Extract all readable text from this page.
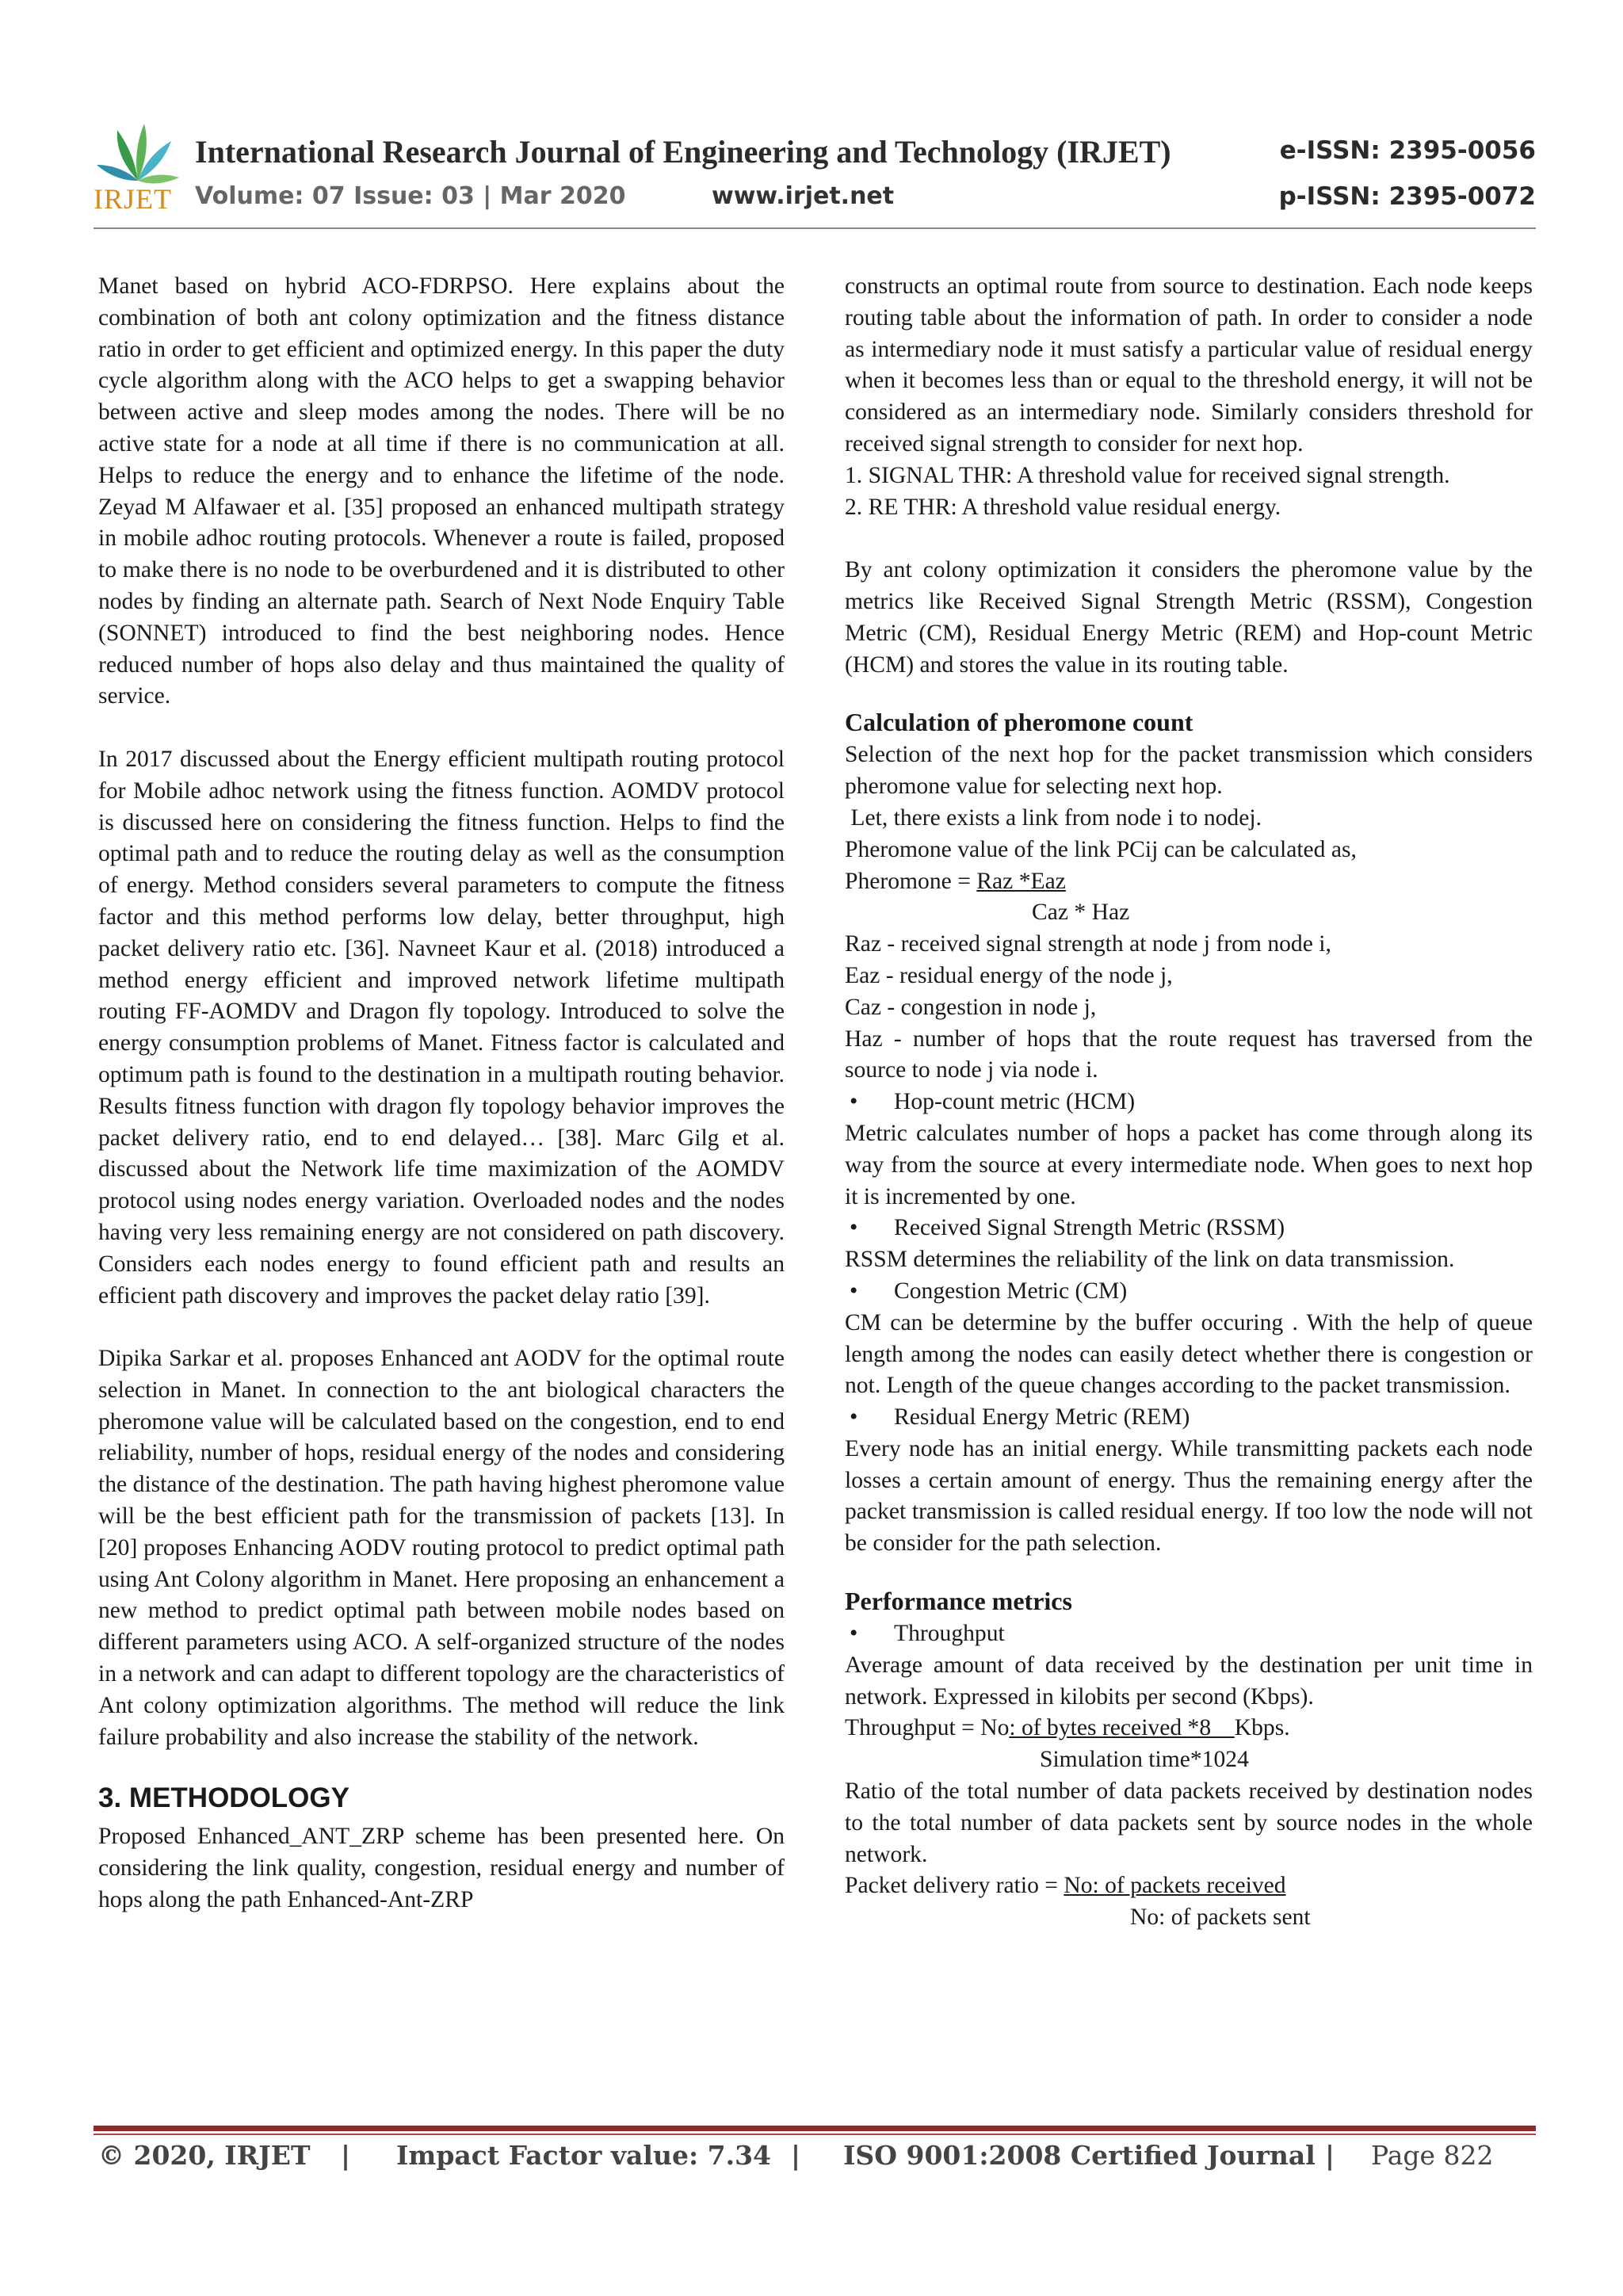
IRJET
International Research Journal of Engineering and Technology (IRJET)
Volume: 07 Issue: 03 | Mar 2020	www.irjet.net
e-ISSN: 2395-0056
p-ISSN: 2395-0072

Manet based on hybrid ACO-FDRPSO. Here explains about the combination of both ant colony optimization and the fitness distance ratio in order to get efficient and optimized energy. In this paper the duty cycle algorithm along with the ACO helps to get a swapping behavior between active and sleep modes among the nodes. There will be no active state for a node at all time if there is no communication at all. Helps to reduce the energy and to enhance the lifetime of the node. Zeyad M Alfawaer et al. [35] proposed an enhanced multipath strategy in mobile adhoc routing protocols. Whenever a route is failed, proposed to make there is no node to be overburdened and it is distributed to other nodes by finding an alternate path. Search of Next Node Enquiry Table (SONNET) introduced to find the best neighboring nodes. Hence reduced number of hops also delay and thus maintained the quality of service.

In 2017 discussed about the Energy efficient multipath routing protocol for Mobile adhoc network using the fitness function. AOMDV protocol is discussed here on considering the fitness function. Helps to find the optimal path and to reduce the routing delay as well as the consumption of energy. Method considers several parameters to compute the fitness factor and this method performs low delay, better throughput, high packet delivery ratio etc. [36]. Navneet Kaur et al. (2018) introduced a method energy efficient and improved network lifetime multipath routing FF-AOMDV and Dragon fly topology. Introduced to solve the energy consumption problems of Manet. Fitness factor is calculated and optimum path is found to the destination in a multipath routing behavior. Results fitness function with dragon fly topology behavior improves the packet delivery ratio, end to end delayed… [38]. Marc Gilg et al. discussed about the Network life time maximization of the AOMDV protocol using nodes energy variation. Overloaded nodes and the nodes having very less remaining energy are not considered on path discovery. Considers each nodes energy to found efficient path and results an efficient path discovery and improves the packet delay ratio [39].

Dipika Sarkar et al. proposes Enhanced ant AODV for the optimal route selection in Manet. In connection to the ant biological characters the pheromone value will be calculated based on the congestion, end to end reliability, number of hops, residual energy of the nodes and considering the distance of the destination. The path having highest pheromone value will be the best efficient path for the transmission of packets [13]. In [20] proposes Enhancing AODV routing protocol to predict optimal path using Ant Colony algorithm in Manet. Here proposing an enhancement a new method to predict optimal path between mobile nodes based on different parameters using ACO. A self-organized structure of the nodes in a network and can adapt to different topology are the characteristics of Ant colony optimization algorithms. The method will reduce the link failure probability and also increase the stability of the network.

3. METHODOLOGY

Proposed Enhanced_ANT_ZRP scheme has been presented here. On considering the link quality, congestion, residual energy and number of hops along the path Enhanced-Ant-ZRP

constructs an optimal route from source to destination. Each node keeps routing table about the information of path. In order to consider a node as intermediary node it must satisfy a particular value of residual energy when it becomes less than or equal to the threshold energy, it will not be considered as an intermediary node. Similarly considers threshold for received signal strength to consider for next hop.

1. SIGNAL THR: A threshold value for received signal strength.

2. RE THR: A threshold value residual energy.

By ant colony optimization it considers the pheromone value by the metrics like Received Signal Strength Metric (RSSM), Congestion Metric (CM), Residual Energy Metric (REM) and Hop-count Metric (HCM) and stores the value in its routing table.

Calculation of pheromone count

Selection of the next hop for the packet transmission which considers pheromone value for selecting next hop.

Let, there exists a link from node i to nodej.

Pheromone value of the link PCij can be calculated as,

Pheromone = Raz *Eaz

Caz * Haz

Raz - received signal strength at node j from node i,

Eaz - residual energy of the node j,

Caz - congestion in node j,

Haz - number of hops that the route request has traversed from the source to node j via node i.

• Hop-count metric (HCM)

Metric calculates number of hops a packet has come through along its way from the source at every intermediate node. When goes to next hop it is incremented by one.

• Received Signal Strength Metric (RSSM)

RSSM determines the reliability of the link on data transmission.

• Congestion Metric (CM)

CM can be determine by the buffer occuring . With the help of queue length among the nodes can easily detect whether there is congestion or not. Length of the queue changes according to the packet transmission.

• Residual Energy Metric (REM)

Every node has an initial energy. While transmitting packets each node losses a certain amount of energy. Thus the remaining energy after the packet transmission is called residual energy. If too low the node will not be consider for the path selection.

Performance metrics

• Throughput

Average amount of data received by the destination per unit time in network. Expressed in kilobits per second (Kbps).

Throughput = No: of bytes received *8    Kbps.

Simulation time*1024

Ratio of the total number of data packets received by destination nodes to the total number of data packets sent by source nodes in the whole network.

Packet delivery ratio = No: of packets received

No: of packets sent

© 2020, IRJET | Impact Factor value: 7.34 | ISO 9001:2008 Certified Journal | Page 822
